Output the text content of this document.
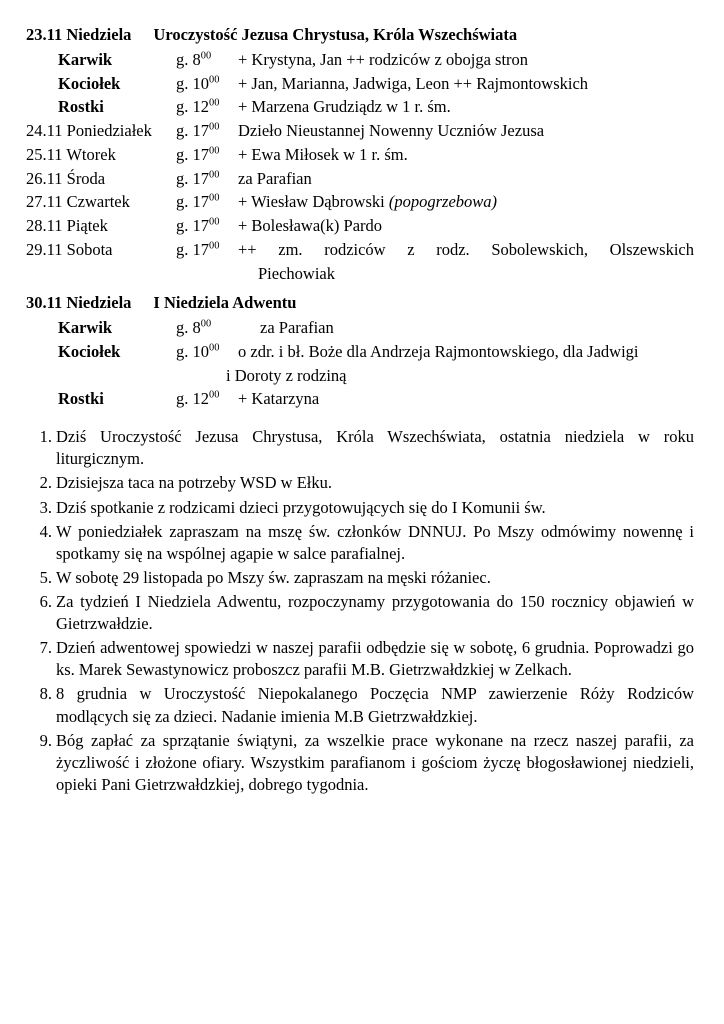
23.11 Niedziela Uroczystość Jezusa Chrystusa, Króla Wszechświata
Karwik	g. $8^{00}$	+ Krystyna, Jan ++ rodziców z obojga stron
Kociołek	g. $10^{00}$	+ Jan, Marianna, Jadwiga, Leon ++ Rajmontowskich
Rostki	g. $12^{00}$	+ Marzena Grudziądz w 1 r. śm.
24.11 Poniedziałek	g. $17^{00}$	Dzieło Nieustannej Nowenny Uczniów Jezusa
25.11 Wtorek	g. $17^{00}$	+ Ewa Miłosek w 1 r. śm.
26.11 Środa	g. $17^{00}$	za Parafian
27.11 Czwartek	g. $17^{00}$	+ Wiesław Dąbrowski (popogrzebowa)
28.11 Piątek	g. $17^{00}$	+ Bolesława(k) Pardo
29.11 Sobota	g. $17^{00}$	++ zm. rodziców z rodz. Sobolewskich, Olszewskich
Piechowiak
30.11 Niedziela I Niedziela Adwentu
Karwik	g. $8^{00}$	za Parafian
Kociołek	g. $10^{00}$	o zdr. i bł. Boże dla Andrzeja Rajmontowskiego, dla Jadwigi
i Doroty z rodziną
Rostki	g. $12^{00}$	+ Katarzyna
Dziś Uroczystość Jezusa Chrystusa, Króla Wszechświata, ostatnia niedziela w roku liturgicznym.
Dzisiejsza taca na potrzeby WSD w Ełku.
Dziś spotkanie z rodzicami dzieci przygotowujących się do I Komunii św.
W poniedziałek zapraszam na mszę św. członków DNNUJ. Po Mszy odmówimy nowennę i spotkamy się na wspólnej agapie w salce parafialnej.
W sobotę 29 listopada po Mszy św. zapraszam na męski różaniec.
Za tydzień I Niedziela Adwentu, rozpoczynamy przygotowania do 150 rocznicy objawień w Gietrzwałdzie.
Dzień adwentowej spowiedzi w naszej parafii odbędzie się w sobotę, 6 grudnia. Poprowadzi go ks. Marek Sewastynowicz proboszcz parafii M.B. Gietrzwałdzkiej w Zelkach.
8 grudnia w Uroczystość Niepokalanego Poczęcia NMP zawierzenie Róży Rodziców modlących się za dzieci. Nadanie imienia M.B Gietrzwałdzkiej.
Bóg zapłać za sprzątanie świątyni, za wszelkie prace wykonane na rzecz naszej parafii, za życzliwość i złożone ofiary. Wszystkim parafianom i gościom życzę błogosławionej niedzieli, opieki Pani Gietrzwałdzkiej, dobrego tygodnia.
